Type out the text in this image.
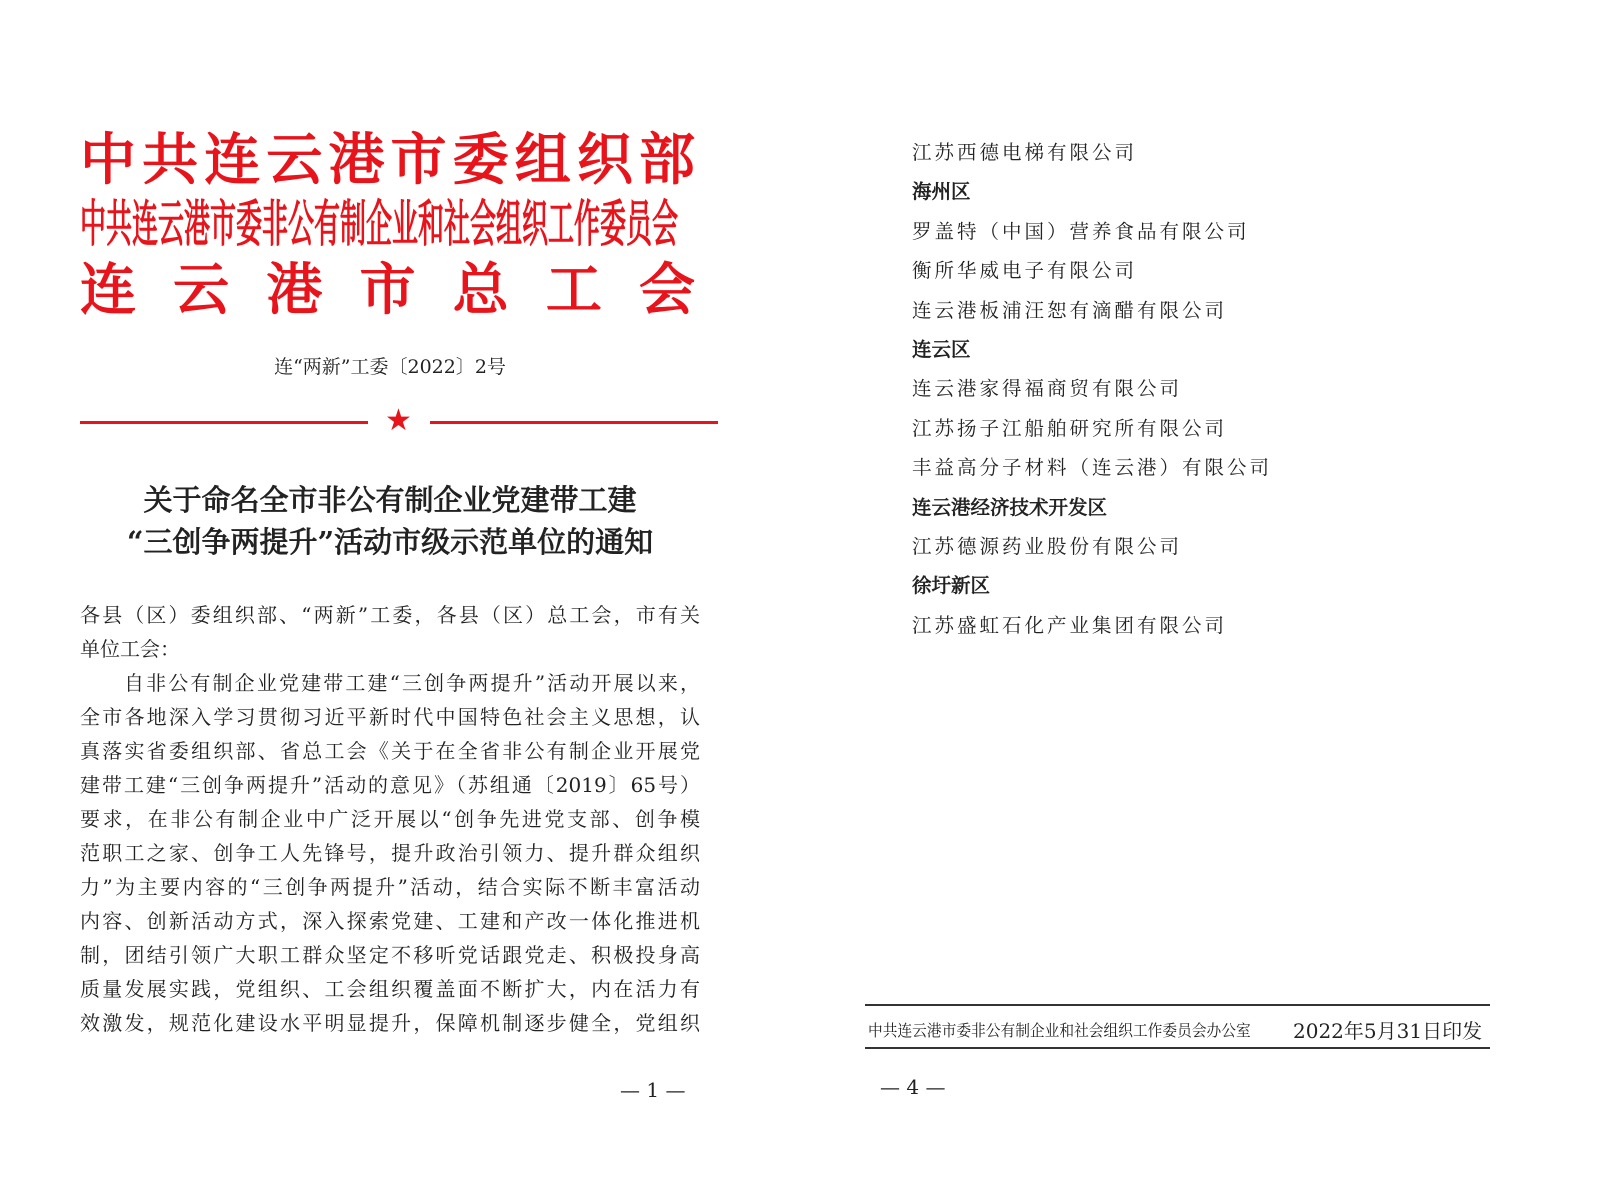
中共连云港市委组织部
中共连云港市委非公有制企业和社会组织工作委员会
连云港市总工会
连“两新”工委〔2022〕2号
★
关于命名全市非公有制企业党建带工建
“三创争两提升”活动市级示范单位的通知
各县（区）委组织部、“两新”工委，各县（区）总工会，市有关
单位工会：
自非公有制企业党建带工建“三创争两提升”活动开展以来，
全市各地深入学习贯彻习近平新时代中国特色社会主义思想，认
真落实省委组织部、省总工会《关于在全省非公有制企业开展党
建带工建“三创争两提升”活动的意见》（苏组通〔2019〕65号）
要求，在非公有制企业中广泛开展以“创争先进党支部、创争模
范职工之家、创争工人先锋号，提升政治引领力、提升群众组织
力”为主要内容的“三创争两提升”活动，结合实际不断丰富活动
内容、创新活动方式，深入探索党建、工建和产改一体化推进机
制，团结引领广大职工群众坚定不移听党话跟党走、积极投身高
质量发展实践，党组织、工会组织覆盖面不断扩大，内在活力有
效激发，规范化建设水平明显提升，保障机制逐步健全，党组织
— 1 —
江苏西德电梯有限公司
海州区
罗盖特（中国）营养食品有限公司
衡所华威电子有限公司
连云港板浦汪恕有滴醋有限公司
连云区
连云港家得福商贸有限公司
江苏扬子江船舶研究所有限公司
丰益高分子材料（连云港）有限公司
连云港经济技术开发区
江苏德源药业股份有限公司
徐圩新区
江苏盛虹石化产业集团有限公司
中共连云港市委非公有制企业和社会组织工作委员会办公室 2022年5月31日印发
— 4 —
